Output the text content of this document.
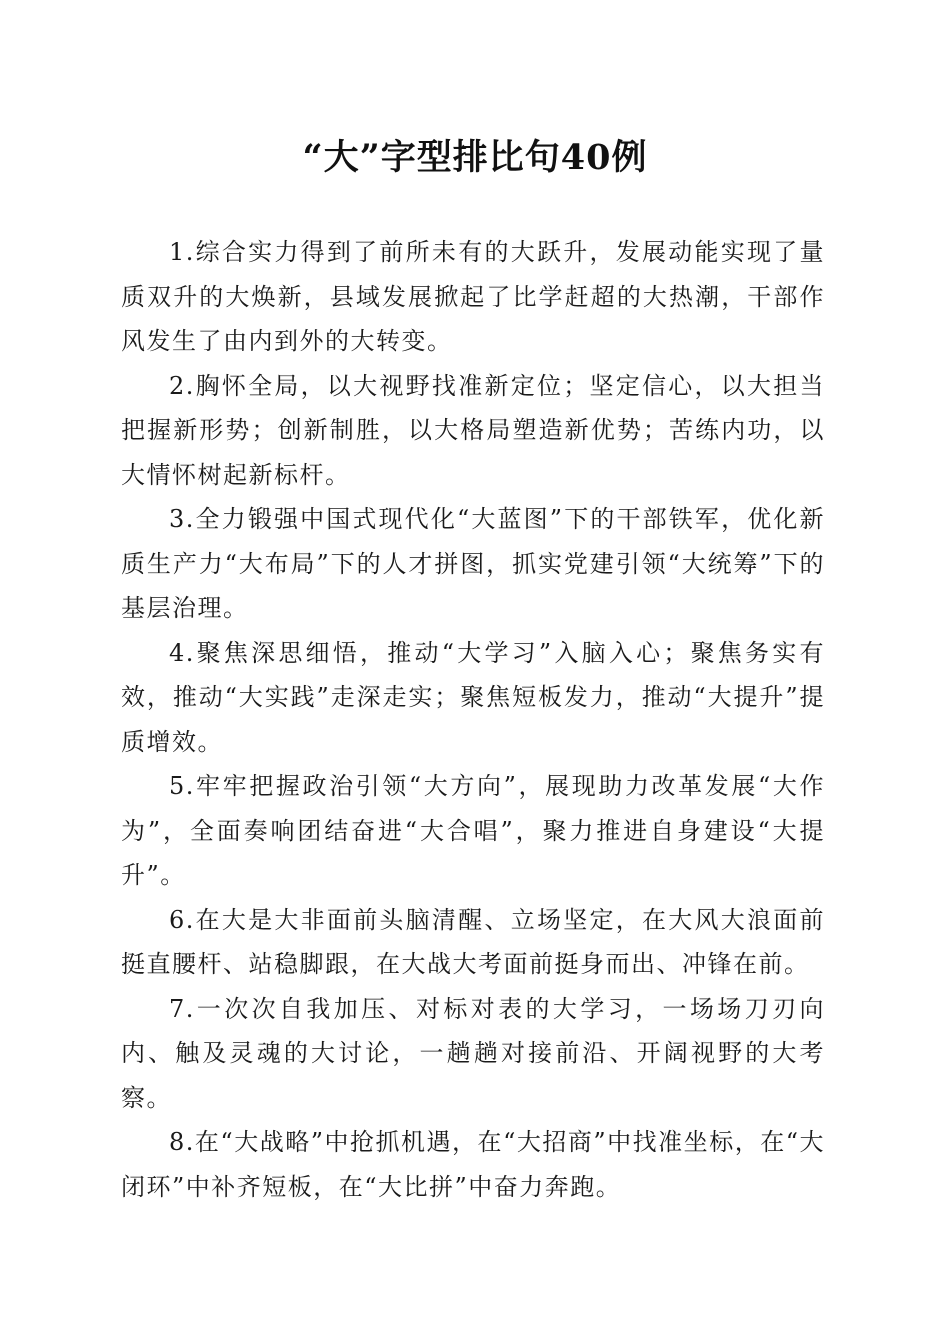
“大”字型排比句40例

1.综合实力得到了前所未有的大跃升，发展动能实现了量质双升的大焕新，县域发展掀起了比学赶超的大热潮，干部作风发生了由内到外的大转变。

2.胸怀全局，以大视野找准新定位；坚定信心，以大担当把握新形势；创新制胜，以大格局塑造新优势；苦练内功，以大情怀树起新标杆。

3.全力锻强中国式现代化“大蓝图”下的干部铁军，优化新质生产力“大布局”下的人才拼图，抓实党建引领“大统筹”下的基层治理。

4.聚焦深思细悟，推动“大学习”入脑入心；聚焦务实有效，推动“大实践”走深走实；聚焦短板发力，推动“大提升”提质增效。

5.牢牢把握政治引领“大方向”，展现助力改革发展“大作为”，全面奏响团结奋进“大合唱”，聚力推进自身建设“大提升”。

6.在大是大非面前头脑清醒、立场坚定，在大风大浪面前挺直腰杆、站稳脚跟，在大战大考面前挺身而出、冲锋在前。

7.一次次自我加压、对标对表的大学习，一场场刀刃向内、触及灵魂的大讨论，一趟趟对接前沿、开阔视野的大考察。

8.在“大战略”中抢抓机遇，在“大招商”中找准坐标，在“大闭环”中补齐短板，在“大比拼”中奋力奔跑。
